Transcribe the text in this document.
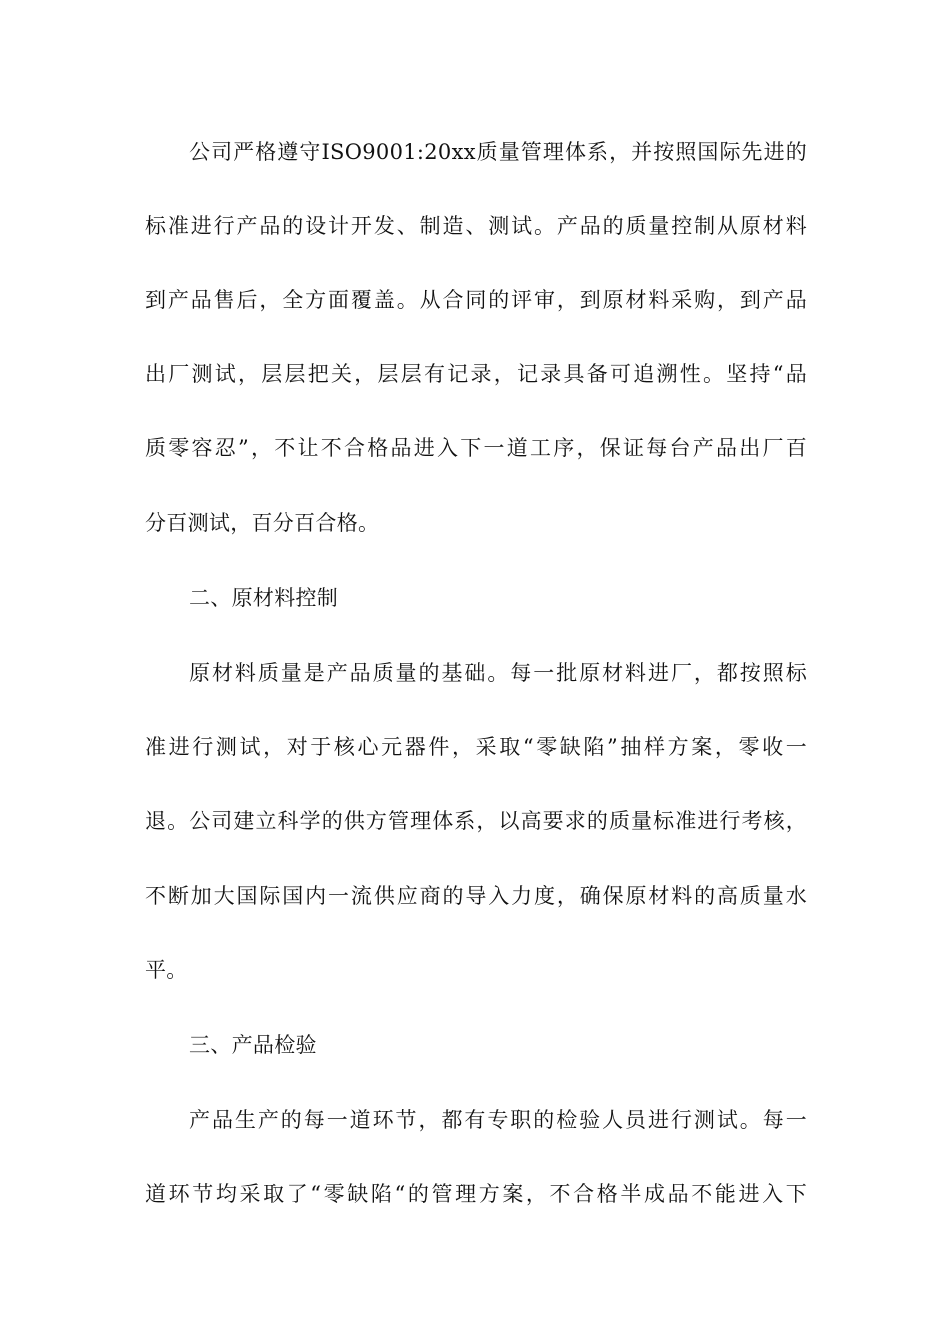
公司严格遵守ISO9001:20xx质量管理体系，并按照国际先进的
标准进行产品的设计开发、制造、测试。产品的质量控制从原材料
到产品售后，全方面覆盖。从合同的评审，到原材料采购，到产品
出厂测试，层层把关，层层有记录，记录具备可追溯性。坚持“品
质零容忍”，不让不合格品进入下一道工序，保证每台产品出厂百
分百测试，百分百合格。
二、原材料控制
原材料质量是产品质量的基础。每一批原材料进厂，都按照标
准进行测试，对于核心元器件，采取“零缺陷”抽样方案，零收一
退。公司建立科学的供方管理体系，以高要求的质量标准进行考核，
不断加大国际国内一流供应商的导入力度，确保原材料的高质量水
平。
三、产品检验
产品生产的每一道环节，都有专职的检验人员进行测试。每一
道环节均采取了“零缺陷“的管理方案，不合格半成品不能进入下
